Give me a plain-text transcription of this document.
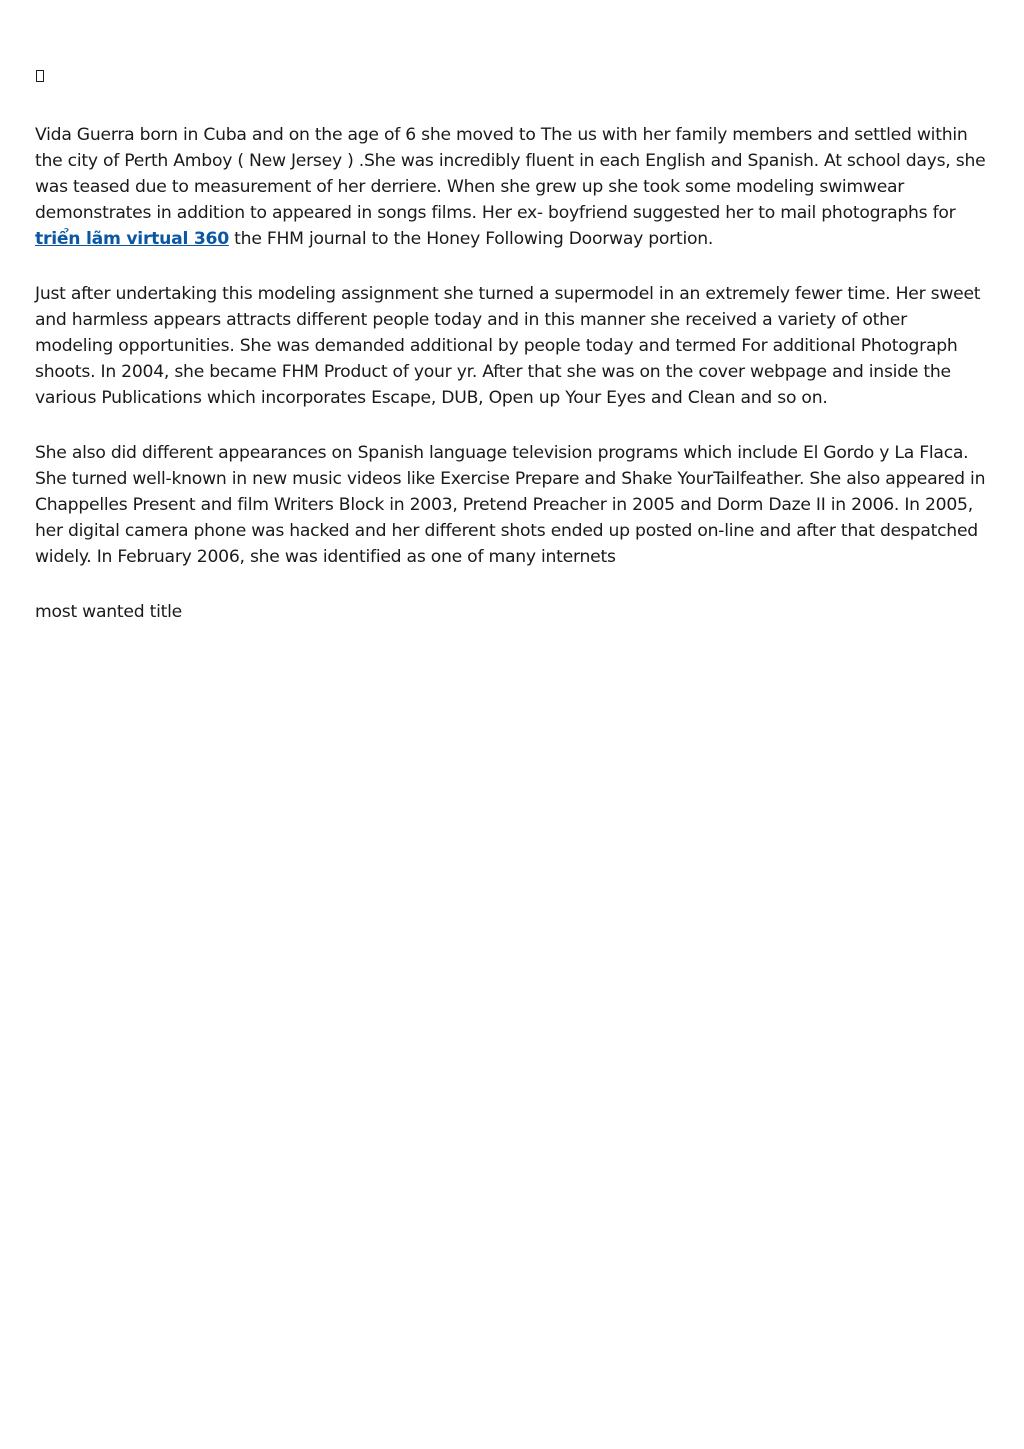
Vida Guerra born in Cuba and on the age of 6 she moved to The us with her family members and settled within the city of Perth Amboy ( New Jersey ) .She was incredibly fluent in each English and Spanish. At school days, she was teased due to measurement of her derriere. When she grew up she took some modeling swimwear demonstrates in addition to appeared in songs films. Her ex- boyfriend suggested her to mail photographs for triển lãm virtual 360 the FHM journal to the Honey Following Doorway portion.

Just after undertaking this modeling assignment she turned a supermodel in an extremely fewer time. Her sweet and harmless appears attracts different people today and in this manner she received a variety of other modeling opportunities. She was demanded additional by people today and termed For additional Photograph shoots. In 2004, she became FHM Product of your yr. After that she was on the cover webpage and inside the various Publications which incorporates Escape, DUB, Open up Your Eyes and Clean and so on.

She also did different appearances on Spanish language television programs which include El Gordo y La Flaca. She turned well-known in new music videos like Exercise Prepare and Shake YourTailfeather. She also appeared in Chappelles Present and film Writers Block in 2003, Pretend Preacher in 2005 and Dorm Daze II in 2006. In 2005, her digital camera phone was hacked and her different shots ended up posted on-line and after that despatched widely. In February 2006, she was identified as one of many internets

most wanted title
